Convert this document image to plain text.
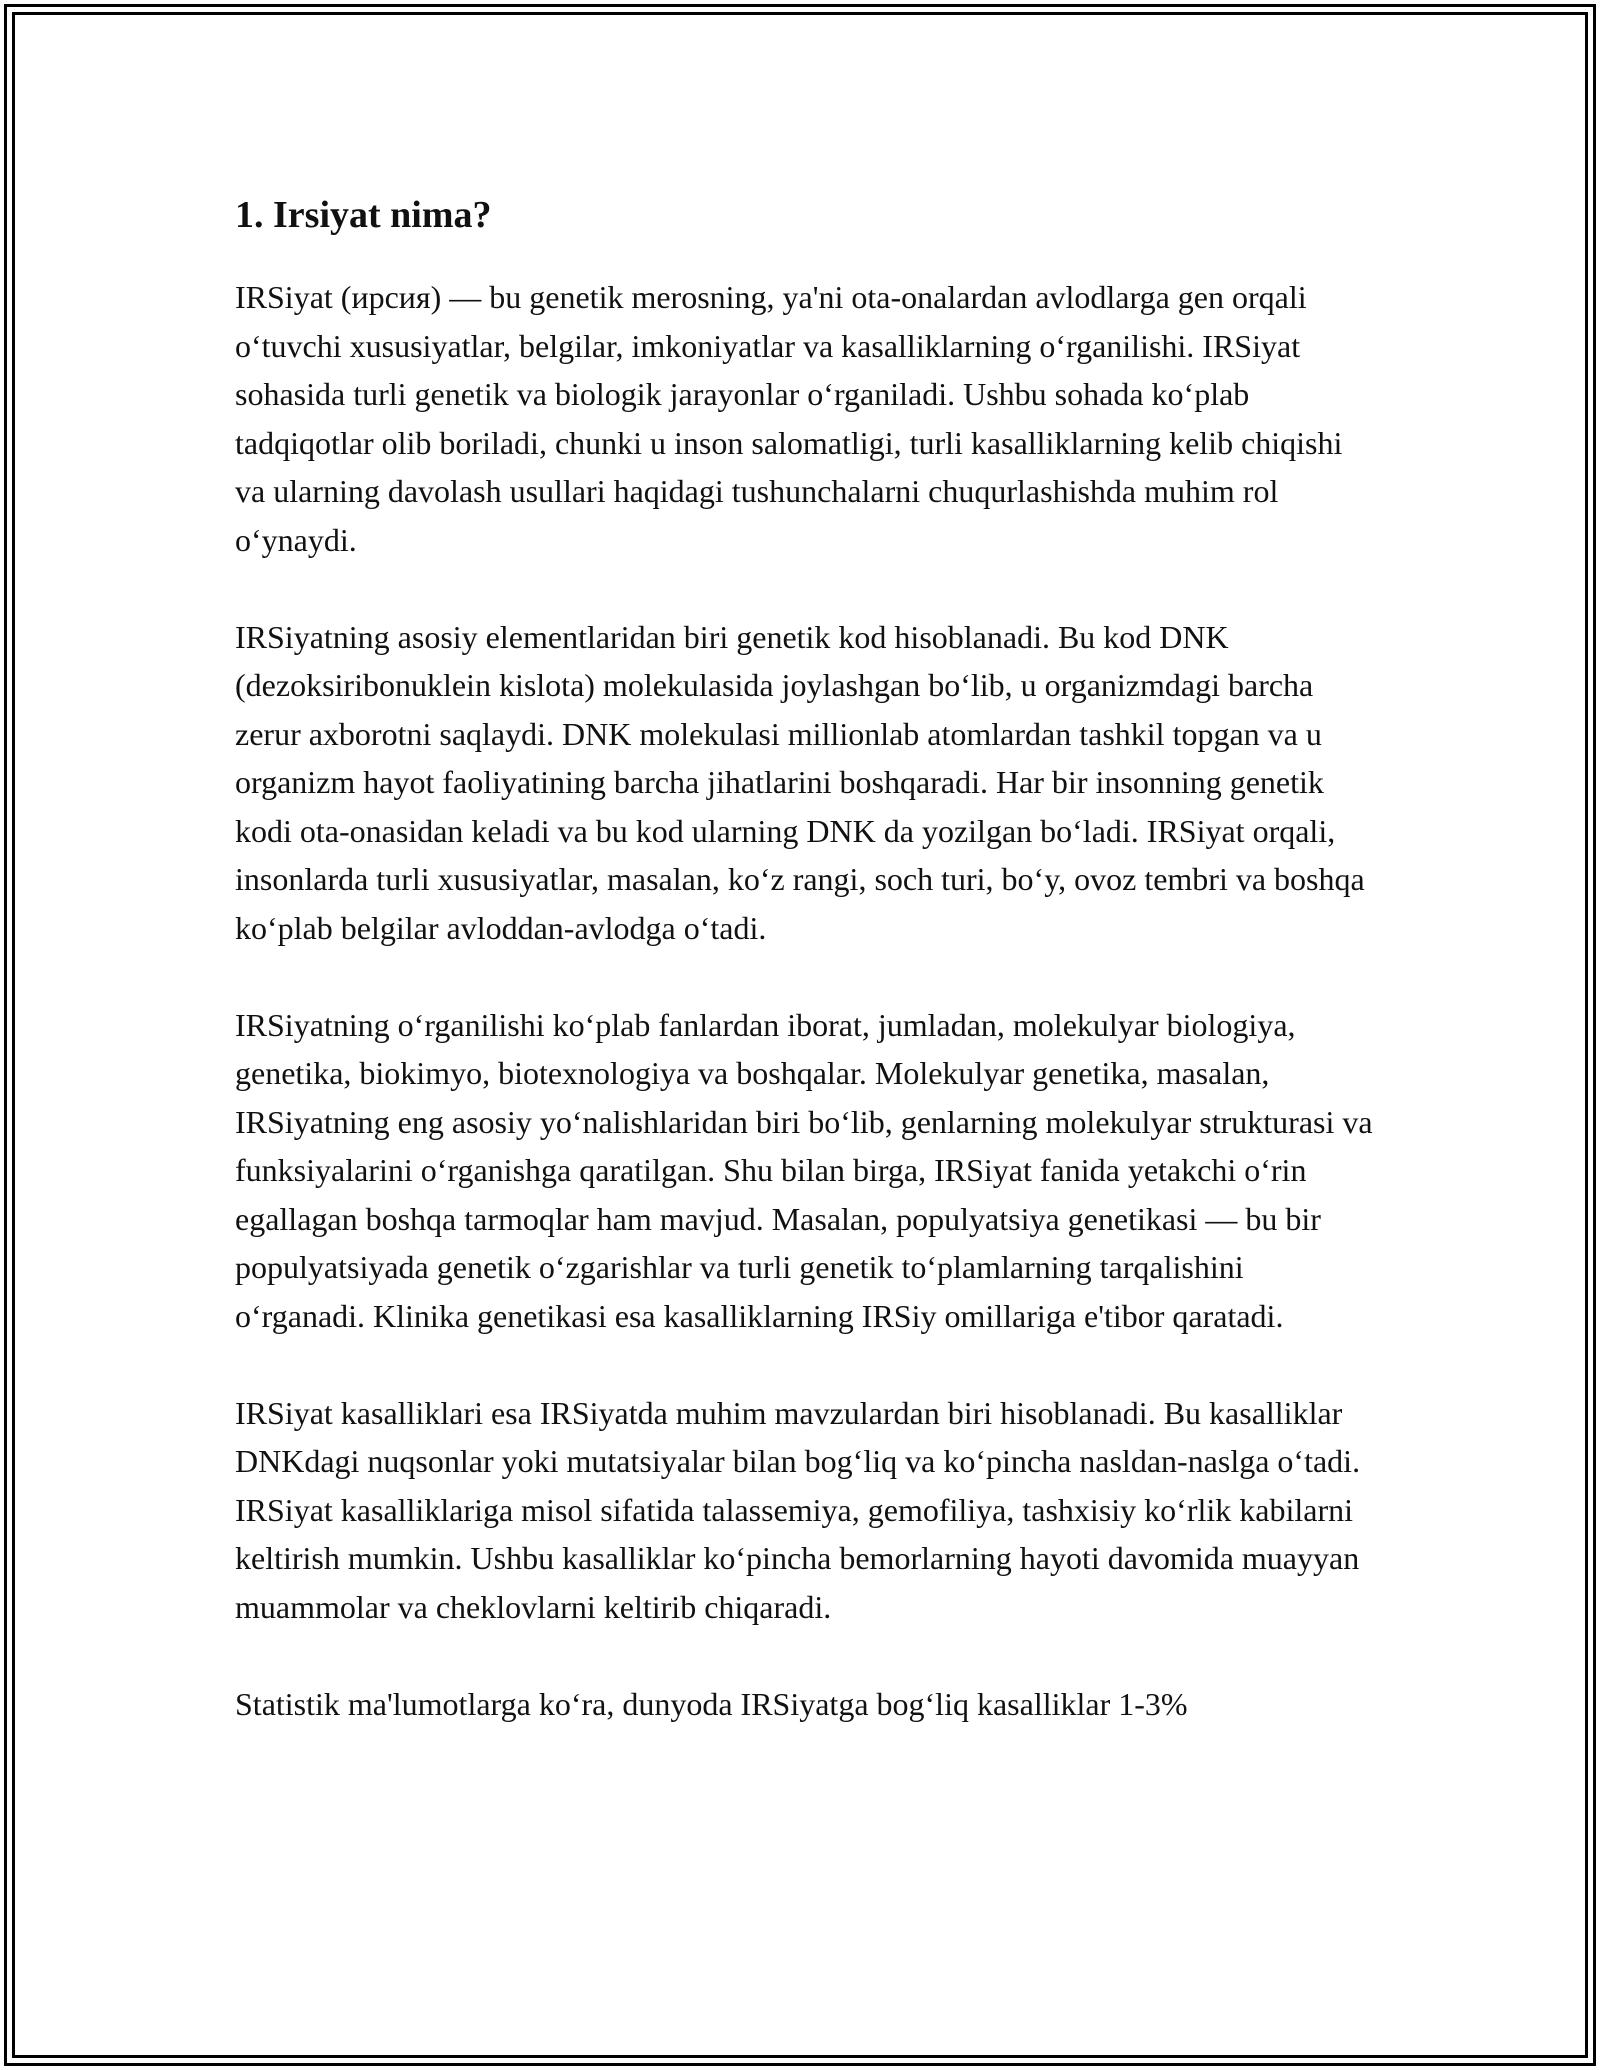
1. Irsiyat nima?

IRSiyat (ирсия) — bu genetik merosning, ya'ni ota-onalardan avlodlarga gen orqali oʻtuvchi xususiyatlar, belgilar, imkoniyatlar va kasalliklarning oʻrganilishi. IRSiyat sohasida turli genetik va biologik jarayonlar oʻrganiladi. Ushbu sohada koʻplab tadqiqotlar olib boriladi, chunki u inson salomatligi, turli kasalliklarning kelib chiqishi va ularning davolash usullari haqidagi tushunchalarni chuqurlashishda muhim rol oʻynaydi.

IRSiyatning asosiy elementlaridan biri genetik kod hisoblanadi. Bu kod DNK (dezoksiribonuklein kislota) molekulasida joylashgan boʻlib, u organizmdagi barcha zerur axborotni saqlaydi. DNK molekulasi millionlab atomlardan tashkil topgan va u organizm hayot faoliyatining barcha jihatlarini boshqaradi. Har bir insonning genetik kodi ota-onasidan keladi va bu kod ularning DNK da yozilgan boʻladi. IRSiyat orqali, insonlarda turli xususiyatlar, masalan, koʻz rangi, soch turi, boʻy, ovoz tembri va boshqa koʻplab belgilar avloddan-avlodga oʻtadi.

IRSiyatning oʻrganilishi koʻplab fanlardan iborat, jumladan, molekulyar biologiya, genetika, biokimyo, biotexnologiya va boshqalar. Molekulyar genetika, masalan, IRSiyatning eng asosiy yoʻnalishlaridan biri boʻlib, genlarning molekulyar strukturasi va funksiyalarini oʻrganishga qaratilgan. Shu bilan birga, IRSiyat fanida yetakchi oʻrin egallagan boshqa tarmoqlar ham mavjud. Masalan, populyatsiya genetikasi — bu bir populyatsiyada genetik oʻzgarishlar va turli genetik toʻplamlarning tarqalishini oʻrganadi. Klinika genetikasi esa kasalliklarning IRSiy omillariga e'tibor qaratadi.

IRSiyat kasalliklari esa IRSiyatda muhim mavzulardan biri hisoblanadi. Bu kasalliklar DNKdagi nuqsonlar yoki mutatsiyalar bilan bogʻliq va koʻpincha nasldan-naslga oʻtadi. IRSiyat kasalliklariga misol sifatida talassemiya, gemofiliya, tashxisiy koʻrlik kabilarni keltirish mumkin. Ushbu kasalliklar koʻpincha bemorlarning hayoti davomida muayyan muammolar va cheklovlarni keltirib chiqaradi.

Statistik ma'lumotlarga koʻra, dunyoda IRSiyatga bogʻliq kasalliklar 1-3%
